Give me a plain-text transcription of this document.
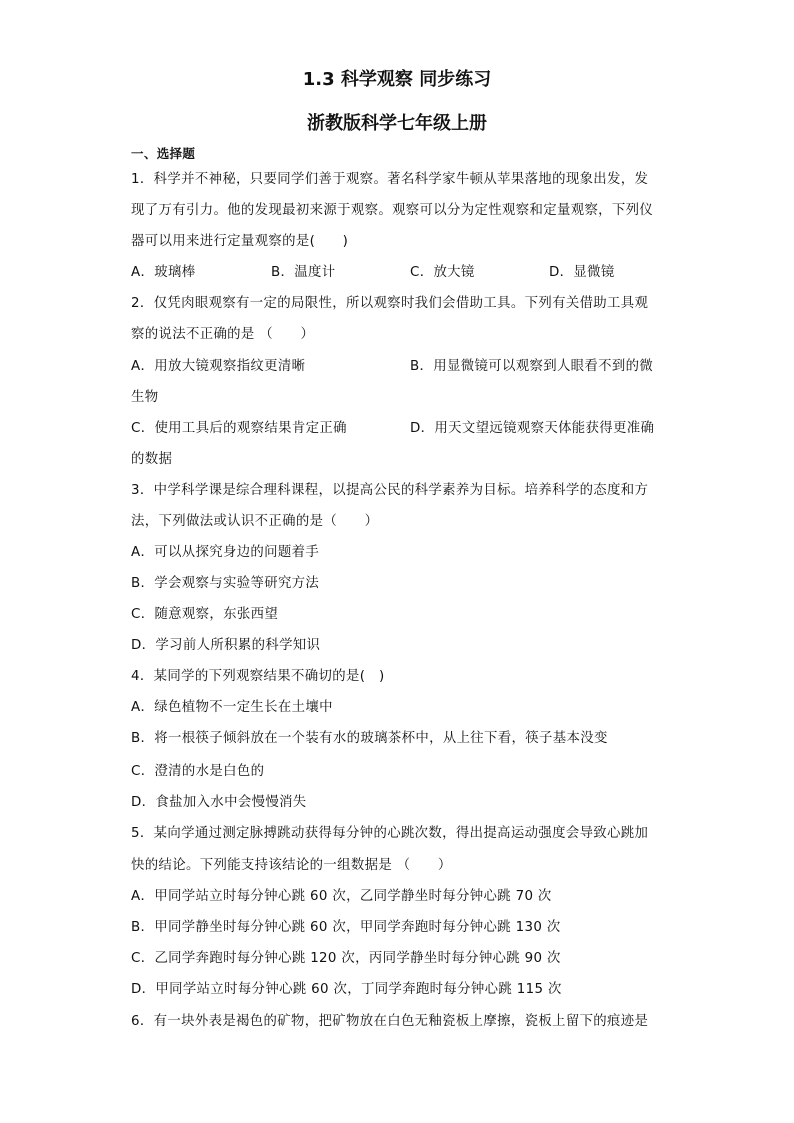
1.3 科学观察 同步练习
浙教版科学七年级上册
一、选择题
1．科学并不神秘，只要同学们善于观察。著名科学家牛顿从苹果落地的现象出发，发
现了万有引力。他的发现最初来源于观察。观察可以分为定性观察和定量观察，下列仪
器可以用来进行定量观察的是(　　)
A．玻璃棒	B．温度计	C．放大镜	D．显微镜
2．仅凭肉眼观察有一定的局限性，所以观察时我们会借助工具。下列有关借助工具观
察的说法不正确的是 （　　）
A．用放大镜观察指纹更清晰	B．用显微镜可以观察到人眼看不到的微
生物
C．使用工具后的观察结果肯定正确	D．用天文望远镜观察天体能获得更准确
的数据
3．中学科学课是综合理科课程，以提高公民的科学素养为目标。培养科学的态度和方
法，下列做法或认识不正确的是（　　）
A．可以从探究身边的问题着手
B．学会观察与实验等研究方法
C．随意观察，东张西望
D．学习前人所积累的科学知识
4．某同学的下列观察结果不确切的是(　)
A．绿色植物不一定生长在土壤中
B．将一根筷子倾斜放在一个装有水的玻璃茶杯中，从上往下看，筷子基本没变
C．澄清的水是白色的
D．食盐加入水中会慢慢消失
5．某向学通过测定脉搏跳动获得每分钟的心跳次数，得出提高运动强度会导致心跳加
快的结论。下列能支持该结论的一组数据是 （　　）
A．甲同学站立时每分钟心跳 60 次，乙同学静坐时每分钟心跳 70 次
B．甲同学静坐时每分钟心跳 60 次，甲同学奔跑时每分钟心跳 130 次
C．乙同学奔跑时每分钟心跳 120 次，丙同学静坐时每分钟心跳 90 次
D．甲同学站立时每分钟心跳 60 次，丁同学奔跑时每分钟心跳 115 次
6．有一块外表是褐色的矿物，把矿物放在白色无釉瓷板上摩擦，瓷板上留下的痕迹是
